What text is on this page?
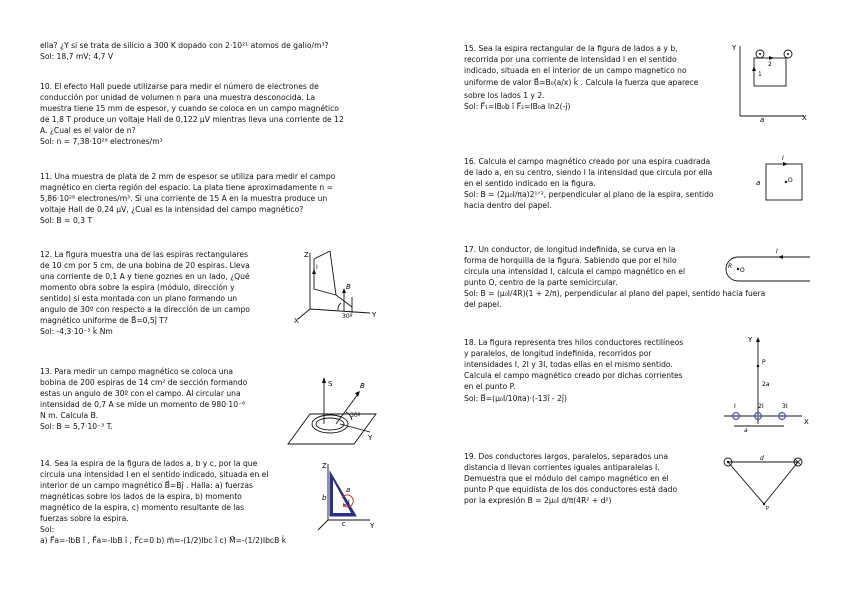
ella? ¿Y si se trata de silicio a 300 K dopado con 2·10²¹ atomos de galio/m³?
Sol: 18,7 mV; 4,7 V
10. El efecto Hall puede utilizarse para medir el número de electrones de
conducción por unidad de volumen n para una muestra desconocida. La
muestra tiene 15 mm de espesor, y cuando se coloca en un campo magnético
de 1,8 T produce un voltaje Hall de 0,122 µV mientras lleva una corriente de 12
A. ¿Cual es el valor de n?
Sol: n = 7,38·10²⁸ electrones/m³
11. Una muestra de plata de 2 mm de espesor se utiliza para medir el campo
magnético en cierta región del espacio. La plata tiene aproximadamente n =
5,86·10²⁸ electrones/m³. Si una corriente de 15 A en la muestra produce un
voltaje Hall de 0,24 µV, ¿Cual es la intensidad del campo magnético?
Sol: B = 0,3 T
12. La figura muestra una de las espiras rectangulares
de 10 cm por 5 cm, de una bobina de 20 espiras. Lleva
una corriente de 0,1 A y tiene goznes en un lado, ¿Qué
momento obra sobre la espira (módulo, dirección y
sentido) si esta montada con un plano formando un
angulo de 30º con respecto a la dirección de un campo
magnético uniforme de B⃗=0,5ĵ T?
Sol: -4,3·10⁻³ k̂ Nm
Z
X
Y
B
I
30º
13. Para medir un campo magnético se coloca una
bobina de 200 espiras de 14 cm² de sección formando
estas un angulo de 30º con el campo. Al circular una
intensidad de 0,7 A se mide un momento de 980·10⁻⁶
N m. Calcula B.
Sol: B = 5,7·10⁻³ T.
S	B
Y
30º
14. Sea la espira de la figura de lados a, b y c, por la que
circula una intensidad I en el sentido indicado, situada en el
interior de un campo magnético B⃗=Bĵ . Halla: a) fuerzas
magnéticas sobre los lados de la espira, b) momento
magnético de la espira, c) momento resultante de las
fuerzas sobre la espira.
Sol:
a) F⃗a=-IbB î , F⃗a=-IbB î , F⃗c=0 b) m⃗=-(1/2)Ibc î c) M⃗=-(1/2)IbcB k̂
Z
Y
a
b
c
I
15. Sea la espira rectangular de la figura de lados a y b,
recorrida por una corriente de intensidad I en el sentido
indicado, situada en el interior de un campo magnetico no
uniforme de valor B⃗=B₀(a/x) k̂ . Calcula la fuerza que aparece
sobre los lados 1 y 2.
Sol: F⃗₁=IB₀b î F⃗₂=IB₀a ln2(-ĵ)
Y
X
a
1
2
16. Calcula el campo magnético creado por una espira cuadrada
de lado a, en su centro, siendo I la intensidad que circula por ella
en el sentido indicado en la figura.
Sol: B = (2µ₀I/πa)2¹ᐟ², perpendicular al plano de la espira, sentido
hacia dentro del papel.
I
a	O
17. Un conductor, de longitud indefinida, se curva en la
forma de horquilla de la figura. Sabiendo que por el hilo
circula una intensidad I, calcula el campo magnético en el
punto O, centro de la parte semicircular.
Sol: B = (µ₀I/4R)(1 + 2/π), perpendicular al plano del papel, sentido hacia fuera
del papel.
I
R
O
18. La figura representa tres hilos conductores rectilíneos
y paralelos, de longitud indefinida, recorridos por
intensidades I, 2I y 3I, todas ellas en el mismo sentido.
Calcula el campo magnético creado por dichas corrientes
en el punto P.
Sol: B⃗=(µ₀I/10πa)·(-13î - 2ĵ)
Y
X
P
2a
a
I	2I	3I
19. Dos conductores largos, paralelos, separados una
distancia d llevan corrientes iguales antiparalelas I.
Demuestra que el módulo del campo magnético en el
punto P que equidista de los dos conductores está dado
por la expresión B = 2µ₀I d/π(4R² + d²)
d
P
